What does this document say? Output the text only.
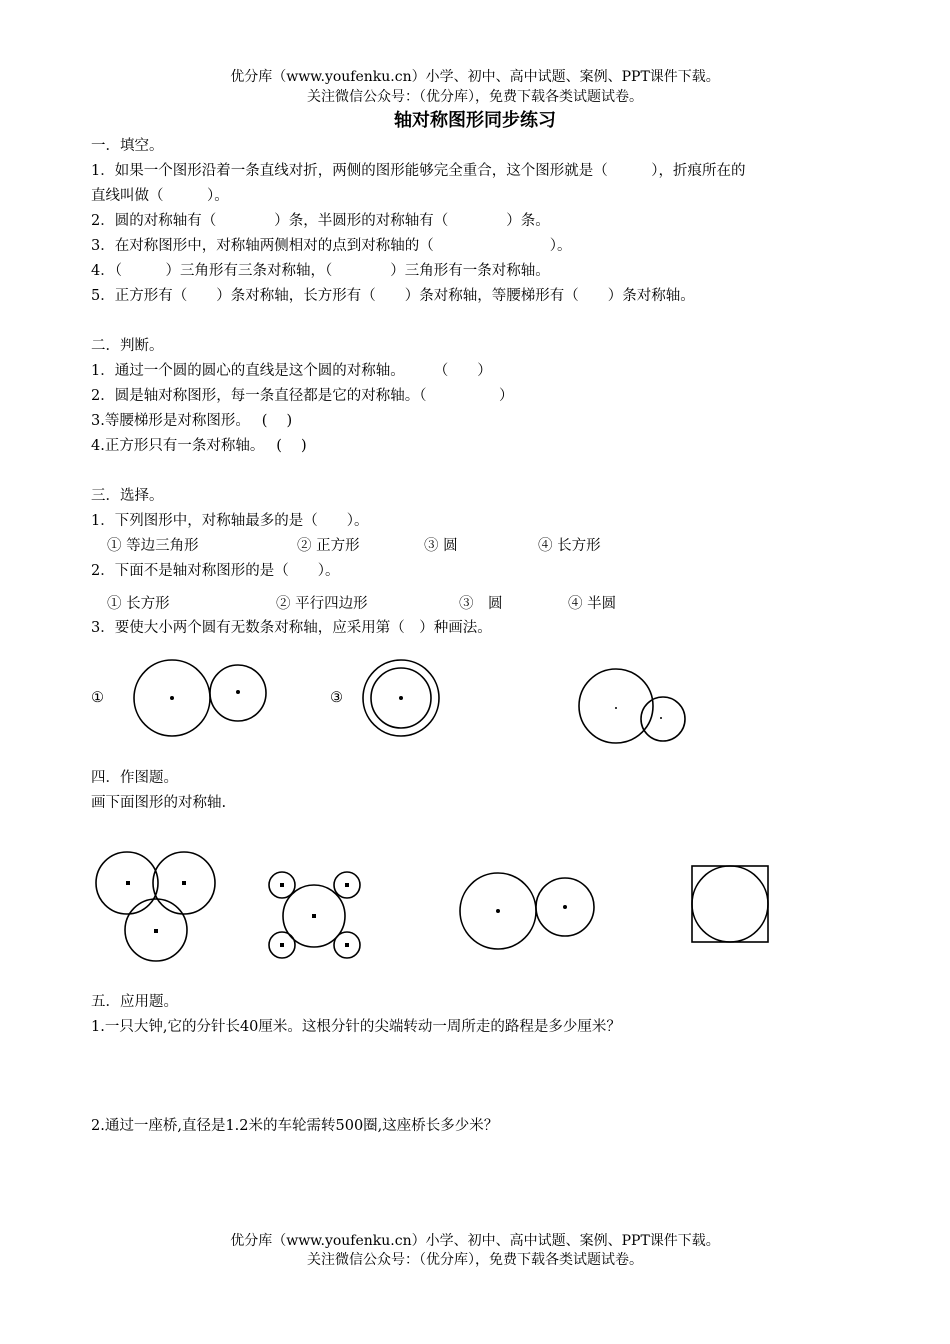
优分库（www.youfenku.cn）小学、初中、高中试题、案例、PPT课件下载。
关注微信公众号：（优分库），免费下载各类试题试卷。
轴对称图形同步练习
一．填空。
1．如果一个图形沿着一条直线对折，两侧的图形能够完全重合，这个图形就是（　　　），折痕所在的
直线叫做（　　　）。
2．圆的对称轴有（　　　　）条，半圆形的对称轴有（　　　　）条。
3．在对称图形中，对称轴两侧相对的点到对称轴的（　　　　　　　　）。
4．（　　　）三角形有三条对称轴，（　　　　）三角形有一条对称轴。
5．正方形有（　　）条对称轴，长方形有（　　）条对称轴，等腰梯形有（　　）条对称轴。
二．判断。
1．通过一个圆的圆心的直线是这个圆的对称轴。　　　（　　）
2．圆是轴对称图形，每一条直径都是它的对称轴。（　　　　　）
3.等腰梯形是对称图形。　 (　 )
4.正方形只有一条对称轴。　 (　 )
三．选择。
1．下列图形中，对称轴最多的是（　　）。
① 等边三角形	② 正方形	③ 圆	④ 长方形
2．下面不是轴对称图形的是（　　）。
① 长方形	② 平行四边形	③　圆	④ 半圆
3．要使大小两个圆有无数条对称轴，应采用第（　）种画法。
①	③
四．作图题。
画下面图形的对称轴.
五．应用题。
1.一只大钟,它的分针长40厘米。这根分针的尖端转动一周所走的路程是多少厘米？
2.通过一座桥,直径是1.2米的车轮需转500圈,这座桥长多少米？
优分库（www.youfenku.cn）小学、初中、高中试题、案例、PPT课件下载。
关注微信公众号：（优分库），免费下载各类试题试卷。
